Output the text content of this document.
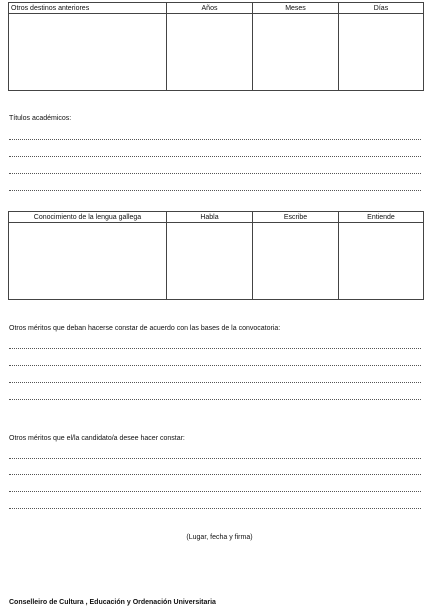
Otros destinos anteriores	Años	Meses	Días

Títulos académicos:
Conocimiento de la lengua gallega	Habla	Escribe	Entiende

Otros méritos que deban hacerse constar de acuerdo con las bases de la convocatoria:
Otros méritos que el/la candidato/a desee hacer constar:
(Lugar, fecha y firma)
Conselleiro de Cultura , Educación y Ordenación Universitaria
